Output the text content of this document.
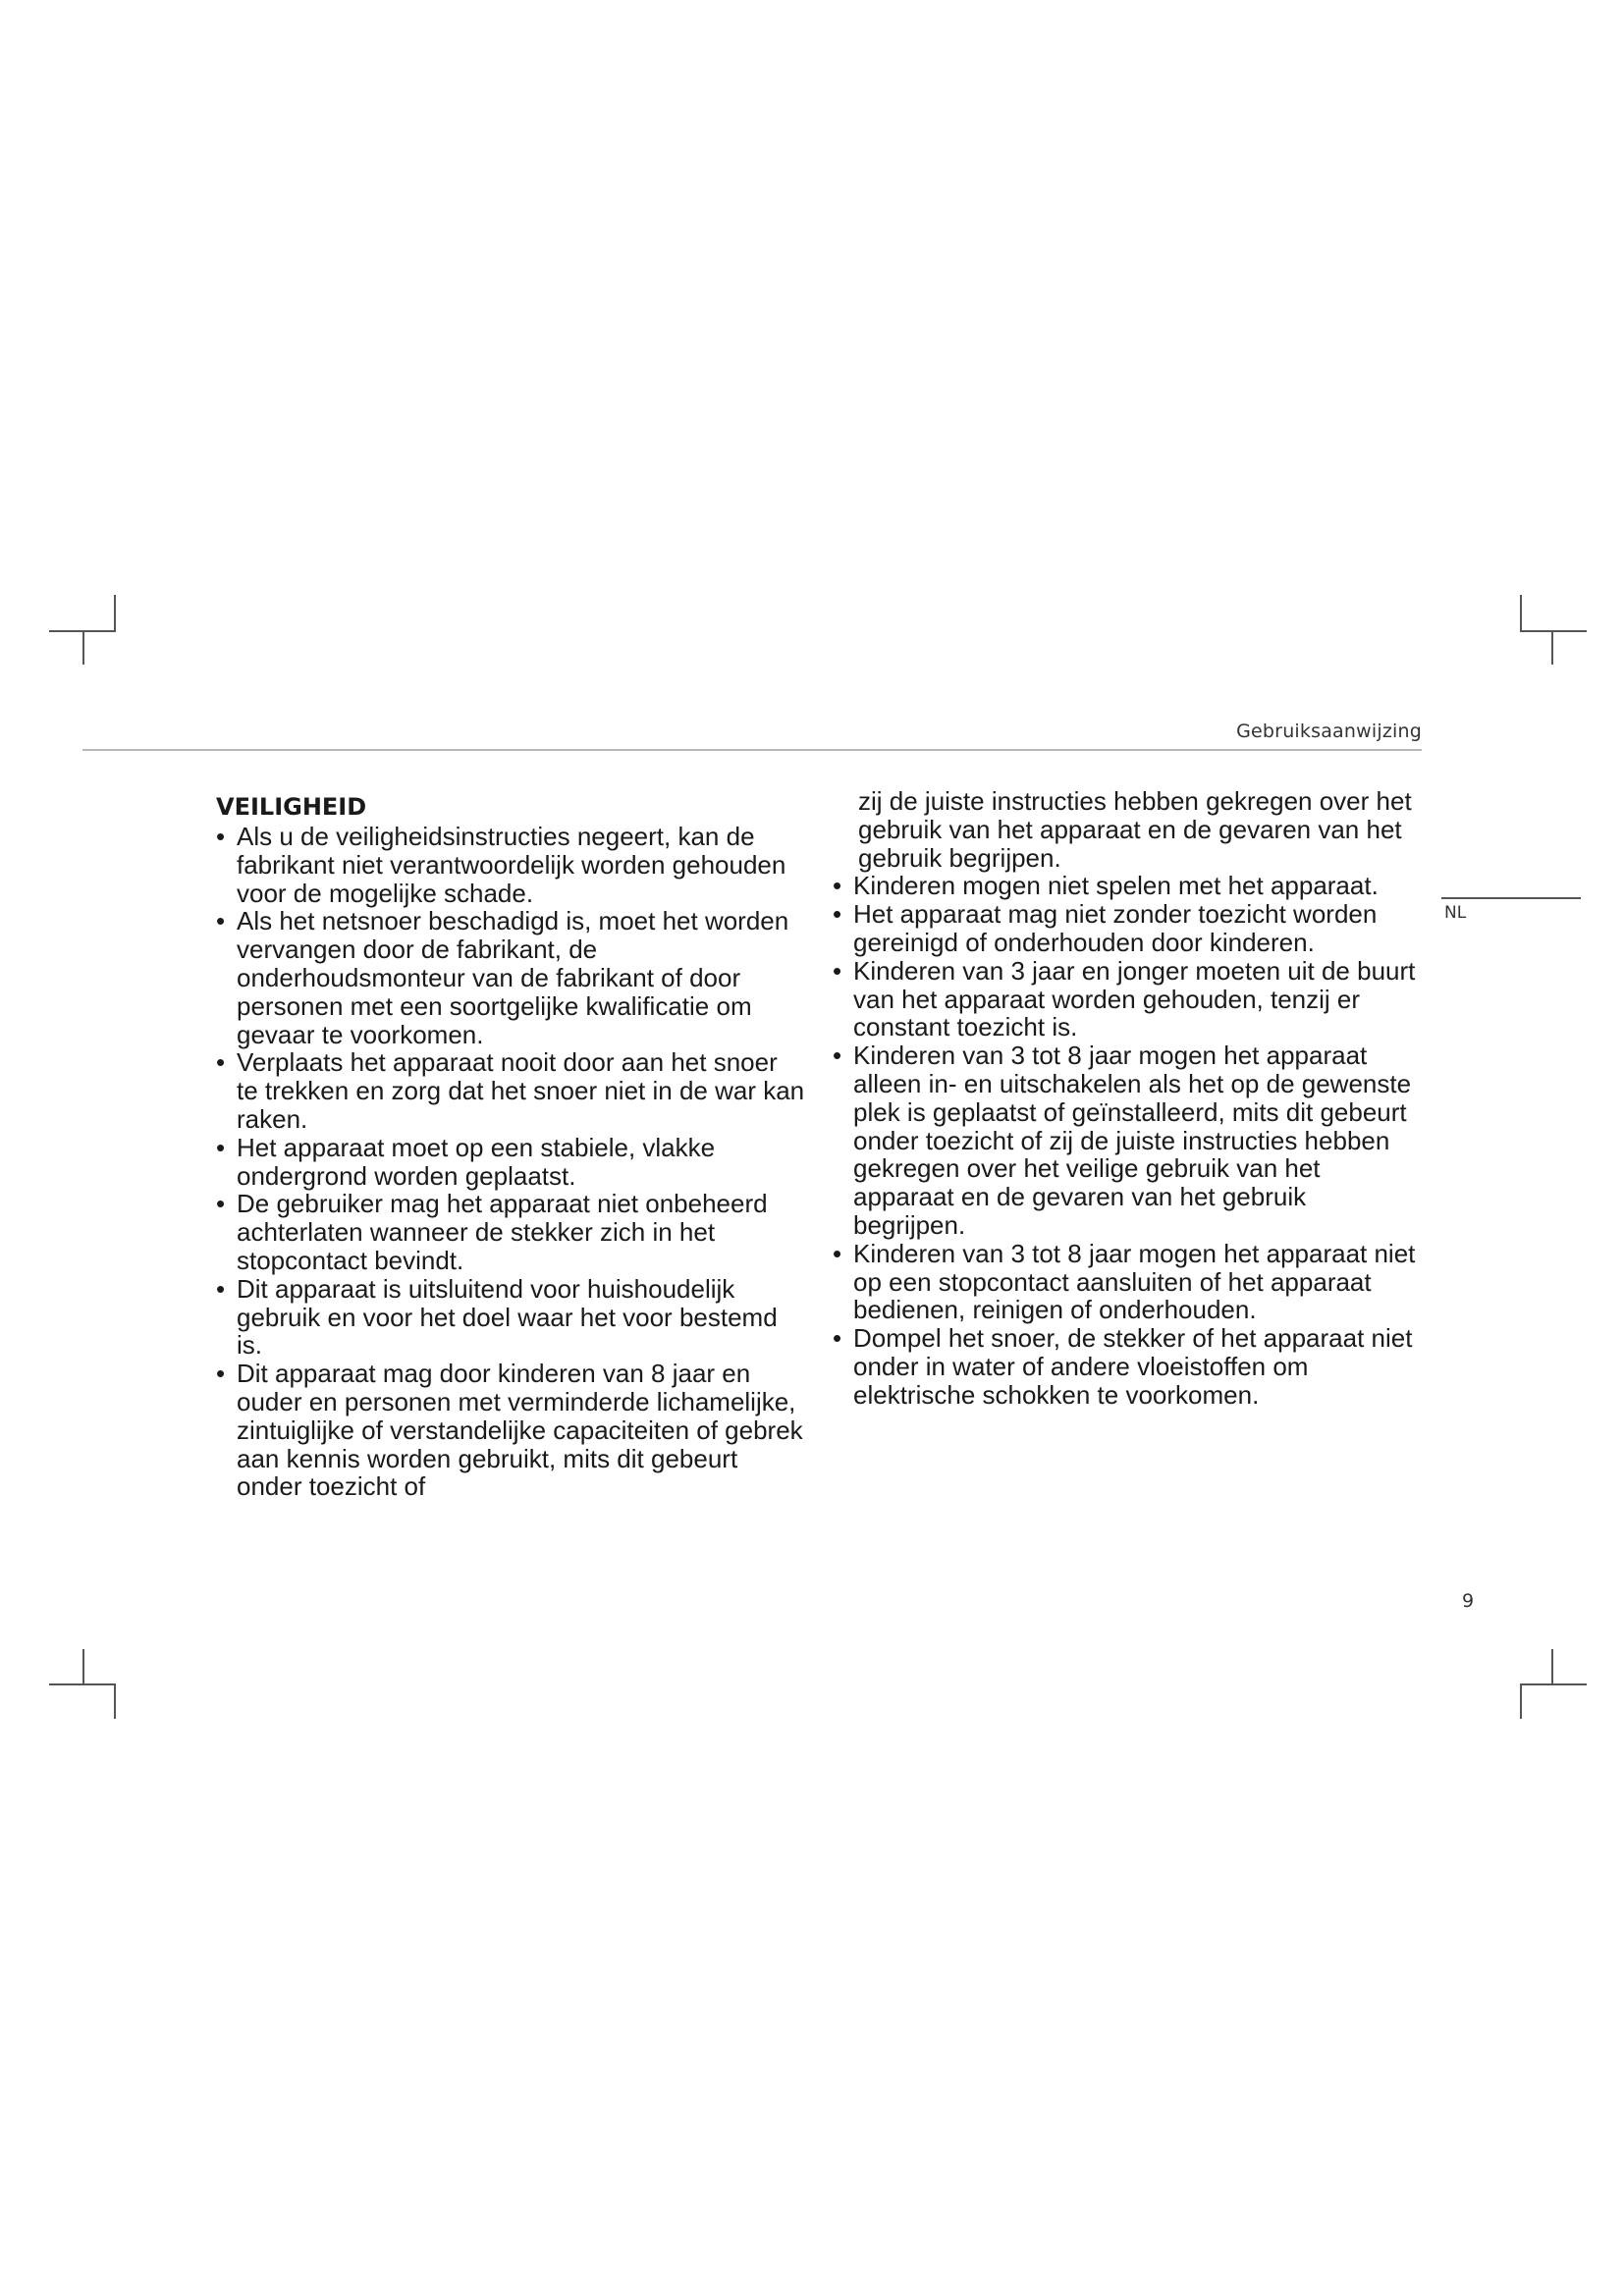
Gebruiksaanwijzing
NL
VEILIGHEID
• Als u de veiligheidsinstructies negeert, kan de fabrikant niet verantwoordelijk worden gehouden voor de mogelijke schade.
• Als het netsnoer beschadigd is, moet het worden vervangen door de fabrikant, de onderhoudsmonteur van de fabrikant of door personen met een soortgelijke kwalificatie om gevaar te voorkomen.
• Verplaats het apparaat nooit door aan het snoer te trekken en zorg dat het snoer niet in de war kan raken.
• Het apparaat moet op een stabiele, vlakke ondergrond worden geplaatst.
• De gebruiker mag het apparaat niet onbeheerd achterlaten wanneer de stekker zich in het stopcontact bevindt.
• Dit apparaat is uitsluitend voor huishoudelijk gebruik en voor het doel waar het voor bestemd is.
• Dit apparaat mag door kinderen van 8 jaar en ouder en personen met verminderde lichamelijke, zintuiglijke of verstandelijke capaciteiten of gebrek aan kennis worden gebruikt, mits dit gebeurt onder toezicht of

zij de juiste instructies hebben gekregen over het gebruik van het apparaat en de gevaren van het gebruik begrijpen.

• Kinderen mogen niet spelen met het apparaat.
• Het apparaat mag niet zonder toezicht worden gereinigd of onderhouden door kinderen.
• Kinderen van 3 jaar en jonger moeten uit de buurt van het apparaat worden gehouden, tenzij er constant toezicht is.
• Kinderen van 3 tot 8 jaar mogen het apparaat alleen in- en uitschakelen als het op de gewenste plek is geplaatst of geïnstalleerd, mits dit gebeurt onder toezicht of zij de juiste instructies hebben gekregen over het veilige gebruik van het apparaat en de gevaren van het gebruik begrijpen.
• Kinderen van 3 tot 8 jaar mogen het apparaat niet op een stopcontact aansluiten of het apparaat bedienen, reinigen of onderhouden.
• Dompel het snoer, de stekker of het apparaat niet onder in water of andere vloeistoffen om elektrische schokken te voorkomen.
9
